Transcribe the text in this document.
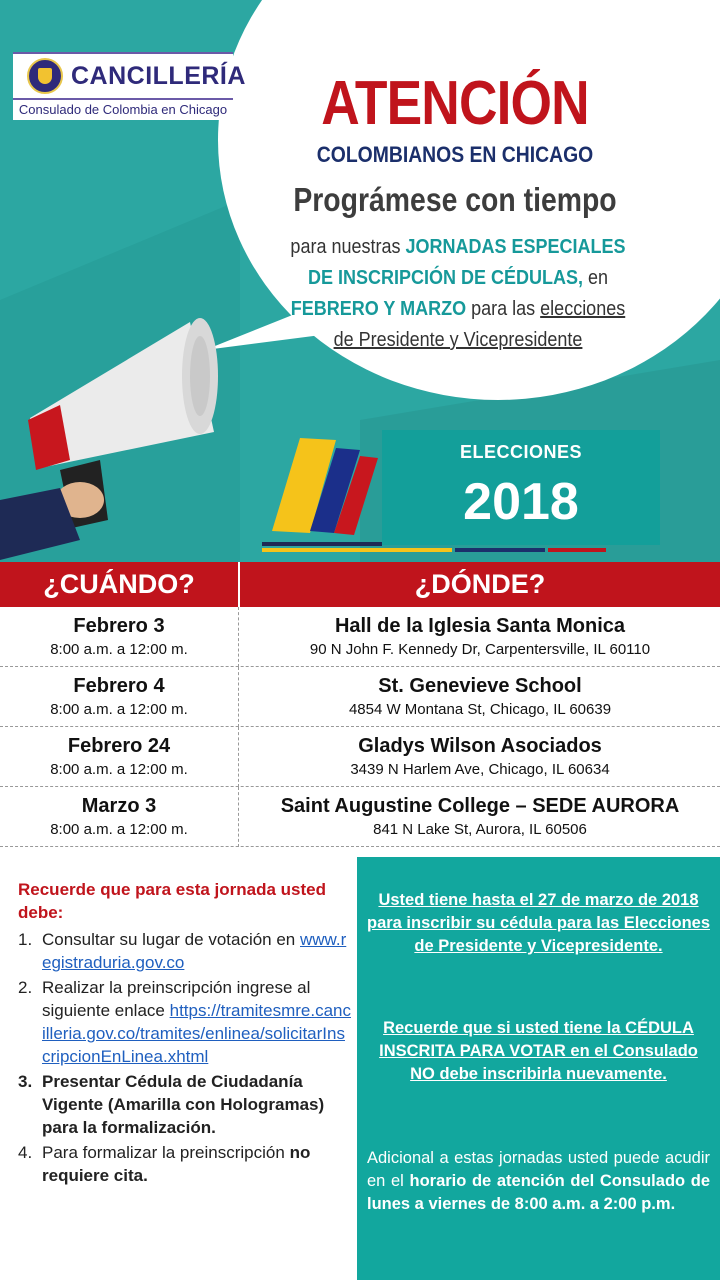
CANCILLERÍA
Consulado de Colombia en Chicago	ATENCIÓN
COLOMBIANOS EN CHICAGO
Prográmese con tiempo
para nuestras JORNADAS ESPECIALES DE INSCRIPCIÓN DE CÉDULAS, en FEBRERO Y MARZO para las elecciones de Presidente y Vicepresidente
ELECCIONES
2018
¿CUÁNDO?	¿DÓNDE?
Febrero 3
8:00 a.m. a 12:00 m.
Hall de la Iglesia Santa Monica
90 N John F. Kennedy Dr, Carpentersville, IL 60110
Febrero 4
8:00 a.m. a 12:00 m.
St. Genevieve School
4854 W Montana St, Chicago, IL 60639
Febrero 24
8:00 a.m. a 12:00 m.
Gladys Wilson Asociados
3439 N Harlem Ave, Chicago, IL 60634
Marzo 3
8:00 a.m. a 12:00 m.
Saint Augustine College – SEDE AURORA
841 N Lake St, Aurora, IL 60506
Recuerde que para esta jornada usted debe:
1. Consultar su lugar de votación en www.registraduria.gov.co
2. Realizar la preinscripción ingrese al siguiente enlace https://tramitesmre.cancilleria.gov.co/tramites/enlinea/solicitarInscripcionEnLinea.xhtml
3. Presentar Cédula de Ciudadanía Vigente (Amarilla con Hologramas) para la formalización.
4. Para formalizar la preinscripción no requiere cita.
Usted tiene hasta el 27 de marzo de 2018 para inscribir su cédula para las Elecciones de Presidente y Vicepresidente.
Recuerde que si usted tiene la CÉDULA INSCRITA PARA VOTAR en el Consulado NO debe inscribirla nuevamente.
Adicional a estas jornadas usted puede acudir en el horario de atención del Consulado de lunes a viernes de 8:00 a.m. a 2:00 p.m.
